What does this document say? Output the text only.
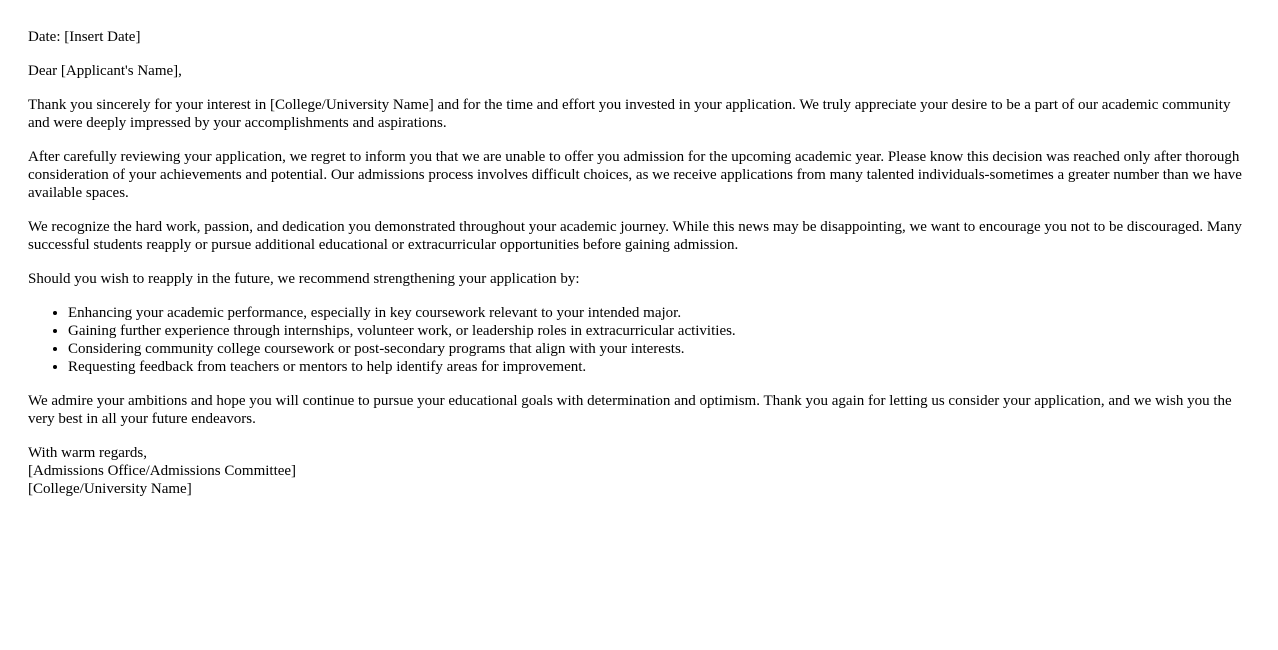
Date: [Insert Date]

Dear [Applicant's Name],

Thank you sincerely for your interest in [College/University Name] and for the time and effort you invested in your application. We truly appreciate your desire to be a part of our academic community and were deeply impressed by your accomplishments and aspirations.

After carefully reviewing your application, we regret to inform you that we are unable to offer you admission for the upcoming academic year. Please know this decision was reached only after thorough consideration of your achievements and potential. Our admissions process involves difficult choices, as we receive applications from many talented individuals-sometimes a greater number than we have available spaces.

We recognize the hard work, passion, and dedication you demonstrated throughout your academic journey. While this news may be disappointing, we want to encourage you not to be discouraged. Many successful students reapply or pursue additional educational or extracurricular opportunities before gaining admission.

Should you wish to reapply in the future, we recommend strengthening your application by:

• Enhancing your academic performance, especially in key coursework relevant to your intended major.
• Gaining further experience through internships, volunteer work, or leadership roles in extracurricular activities.
• Considering community college coursework or post-secondary programs that align with your interests.
• Requesting feedback from teachers or mentors to help identify areas for improvement.

We admire your ambitions and hope you will continue to pursue your educational goals with determination and optimism. Thank you again for letting us consider your application, and we wish you the very best in all your future endeavors.

With warm regards,
[Admissions Office/Admissions Committee]
[College/University Name]
